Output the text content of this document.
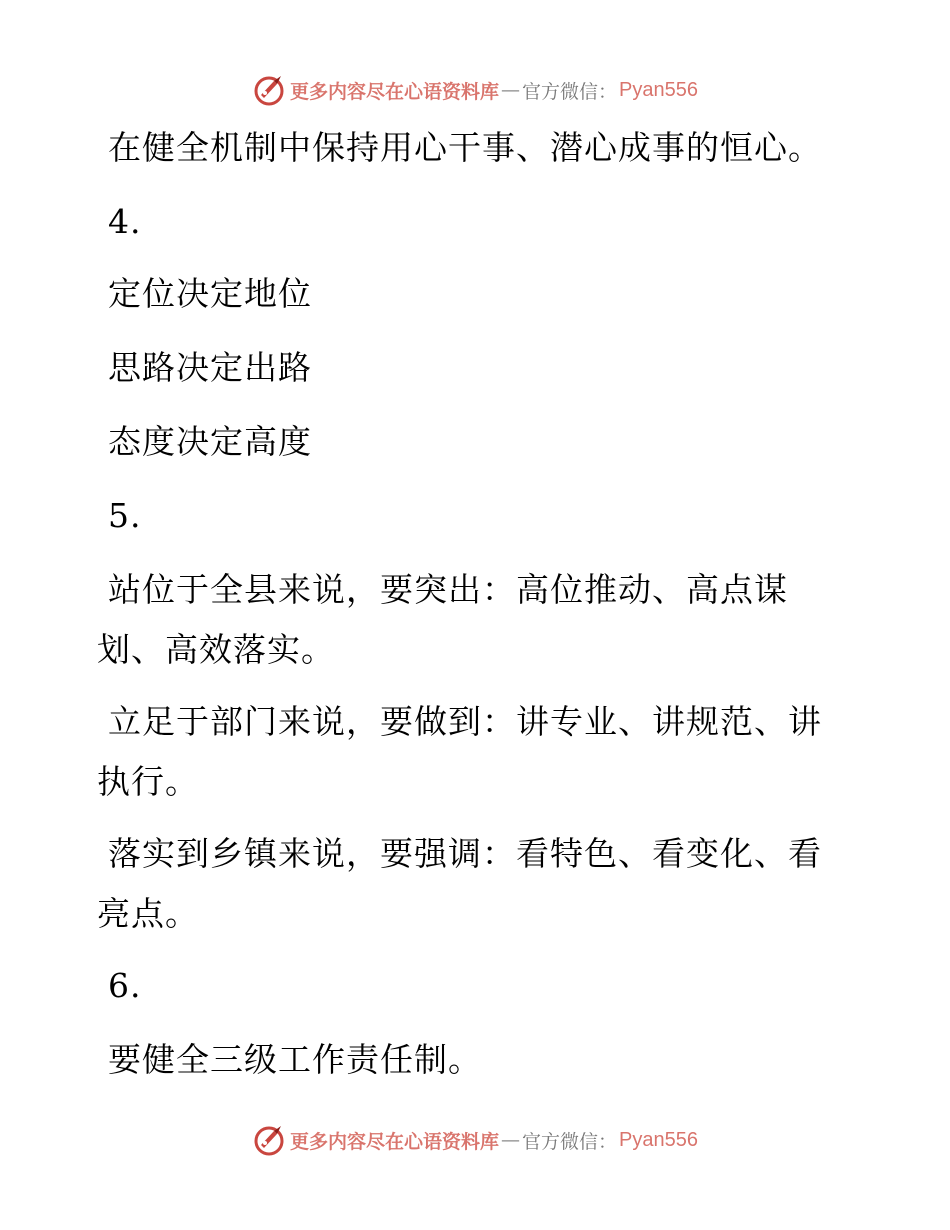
更多内容尽在心语资料库 — 官方微信： Pyan556
在健全机制中保持用心干事、潜心成事的恒心。
4.
定位决定地位
思路决定出路
态度决定高度
5.
站位于全县来说，要突出：高位推动、高点谋
划、高效落实。
立足于部门来说，要做到：讲专业、讲规范、讲
执行。
落实到乡镇来说，要强调：看特色、看变化、看
亮点。
6.
要健全三级工作责任制。
更多内容尽在心语资料库 — 官方微信： Pyan556
